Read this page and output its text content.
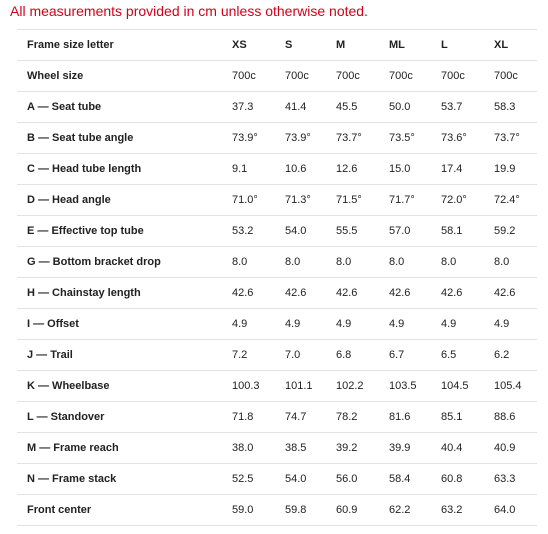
All measurements provided in cm unless otherwise noted.
Frame size letter	XS	S	M	ML	L	XL
Wheel size	700c	700c	700c	700c	700c	700c
A — Seat tube	37.3	41.4	45.5	50.0	53.7	58.3
B — Seat tube angle	73.9°	73.9°	73.7°	73.5°	73.6°	73.7°
C — Head tube length	9.1	10.6	12.6	15.0	17.4	19.9
D — Head angle	71.0°	71.3°	71.5°	71.7°	72.0°	72.4°
E — Effective top tube	53.2	54.0	55.5	57.0	58.1	59.2
G — Bottom bracket drop	8.0	8.0	8.0	8.0	8.0	8.0
H — Chainstay length	42.6	42.6	42.6	42.6	42.6	42.6
I — Offset	4.9	4.9	4.9	4.9	4.9	4.9
J — Trail	7.2	7.0	6.8	6.7	6.5	6.2
K — Wheelbase	100.3	101.1	102.2	103.5	104.5	105.4
L — Standover	71.8	74.7	78.2	81.6	85.1	88.6
M — Frame reach	38.0	38.5	39.2	39.9	40.4	40.9
N — Frame stack	52.5	54.0	56.0	58.4	60.8	63.3
Front center	59.0	59.8	60.9	62.2	63.2	64.0
